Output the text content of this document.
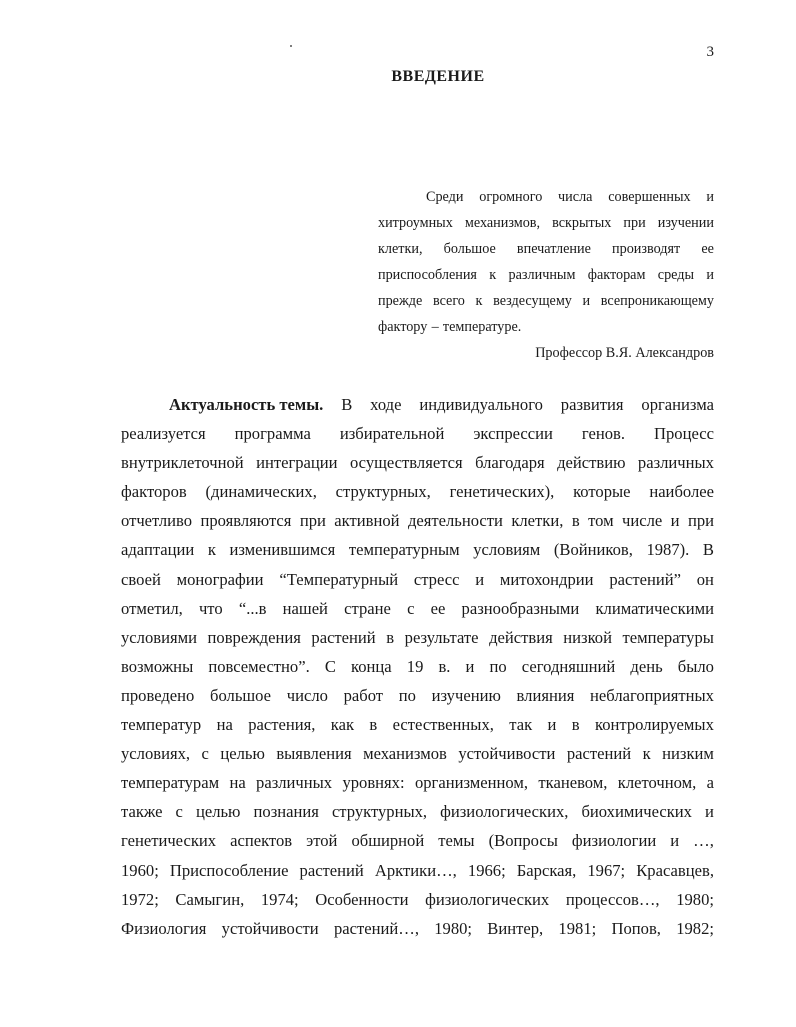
3
ВВЕДЕНИЕ
Среди огромного числа совершенных и
хитроумных механизмов, вскрытых при изучении
клетки, большое впечатление производят ее
приспособления к различным факторам среды и
прежде всего к вездесущему и всепроникающему
фактору – температуре.
Профессор В.Я. Александров
Актуальность темы. В ходе индивидуального развития организма
реализуется программа избирательной экспрессии генов. Процесс
внутриклеточной интеграции осуществляется благодаря действию различных
факторов (динамических, структурных, генетических), которые наиболее
отчетливо проявляются при активной деятельности клетки, в том числе и при
адаптации к изменившимся температурным условиям (Войников, 1987). В
своей монографии “Температурный стресс и митохондрии растений” он
отметил, что “...в нашей стране с ее разнообразными климатическими
условиями повреждения растений в результате действия низкой температуры
возможны повсеместно”. С конца 19 в. и по сегодняшний день было
проведено большое число работ по изучению влияния неблагоприятных
температур на растения, как в естественных, так и в контролируемых
условиях, с целью выявления механизмов устойчивости растений к низким
температурам на различных уровнях: организменном, тканевом, клеточном, а
также с целью познания структурных, физиологических, биохимических и
генетических аспектов этой обширной темы (Вопросы физиологии и …,
1960; Приспособление растений Арктики…, 1966; Барская, 1967; Красавцев,
1972; Самыгин, 1974; Особенности физиологических процессов…, 1980;
Физиология устойчивости растений…, 1980; Винтер, 1981; Попов, 1982;
